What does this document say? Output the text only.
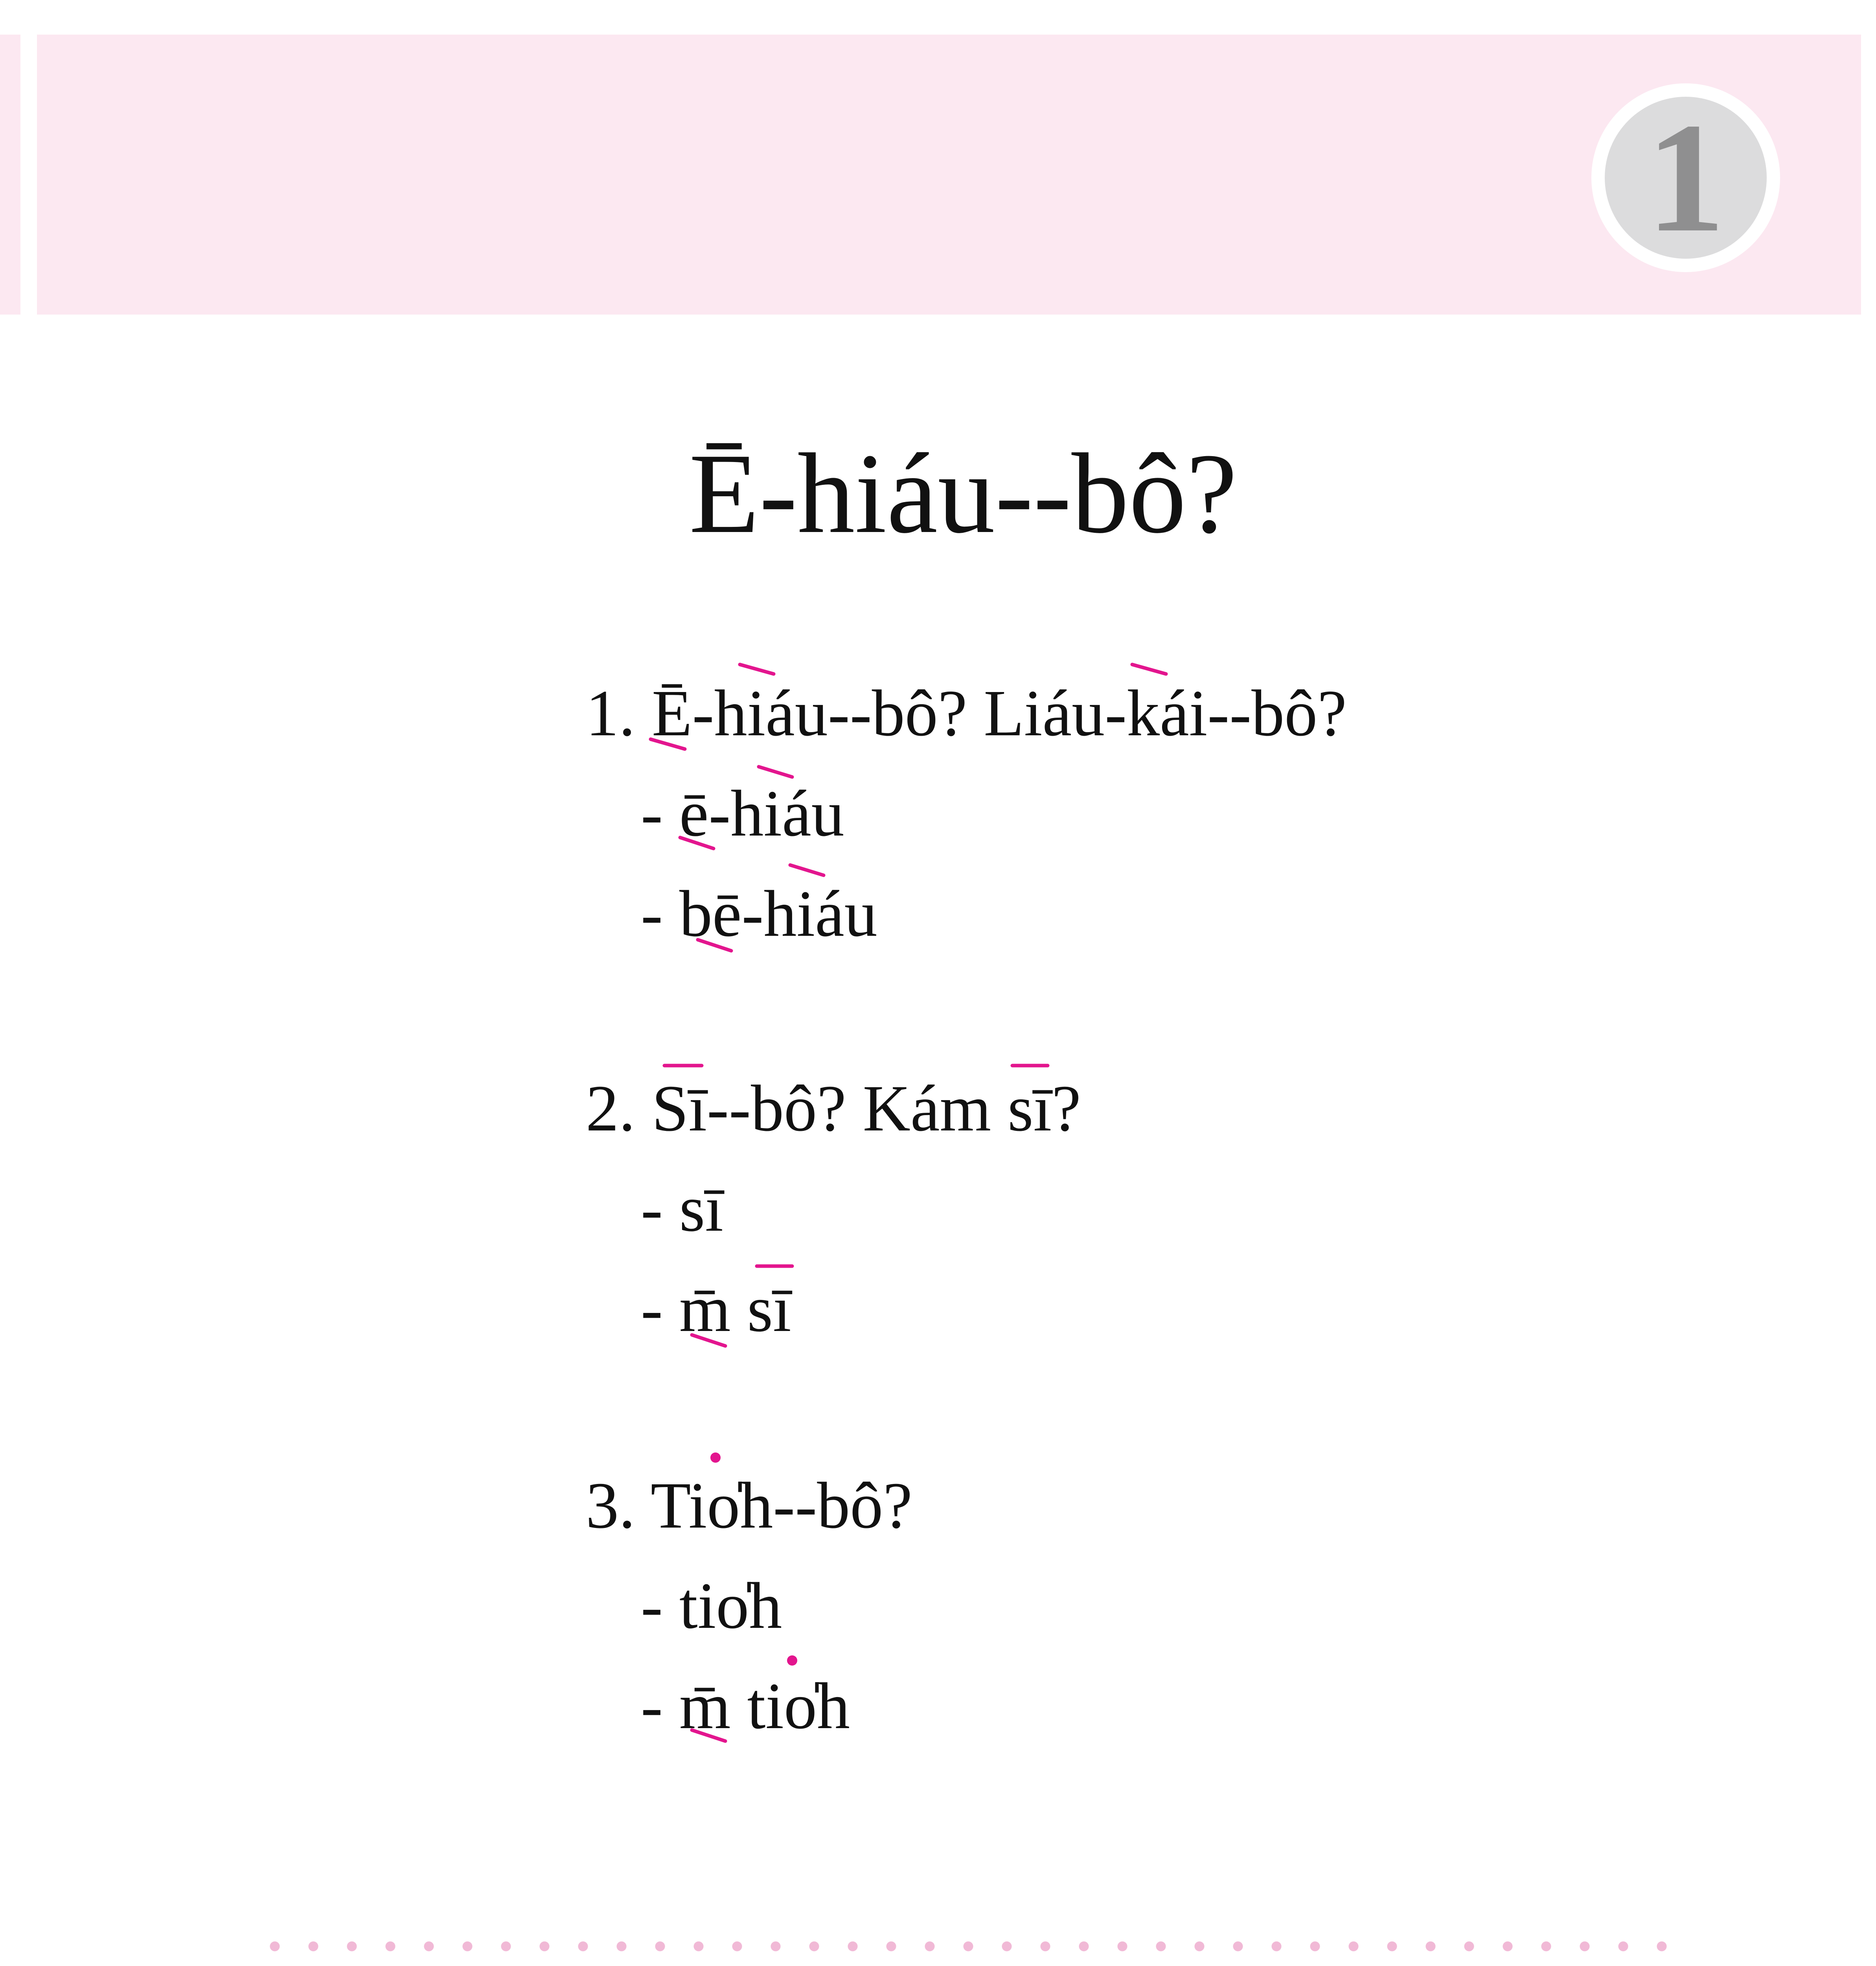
1
Ē-hiáu--bô?
1. Ē-hiáu--bô? Liáu-kái--bô?
- ē-hiáu
- bē-hiáu
2. Sī--bô? Kám sī?
- sī
- m̄ sī
3. Tio̍h--bô?
- tio̍h
- m̄ tio̍h
